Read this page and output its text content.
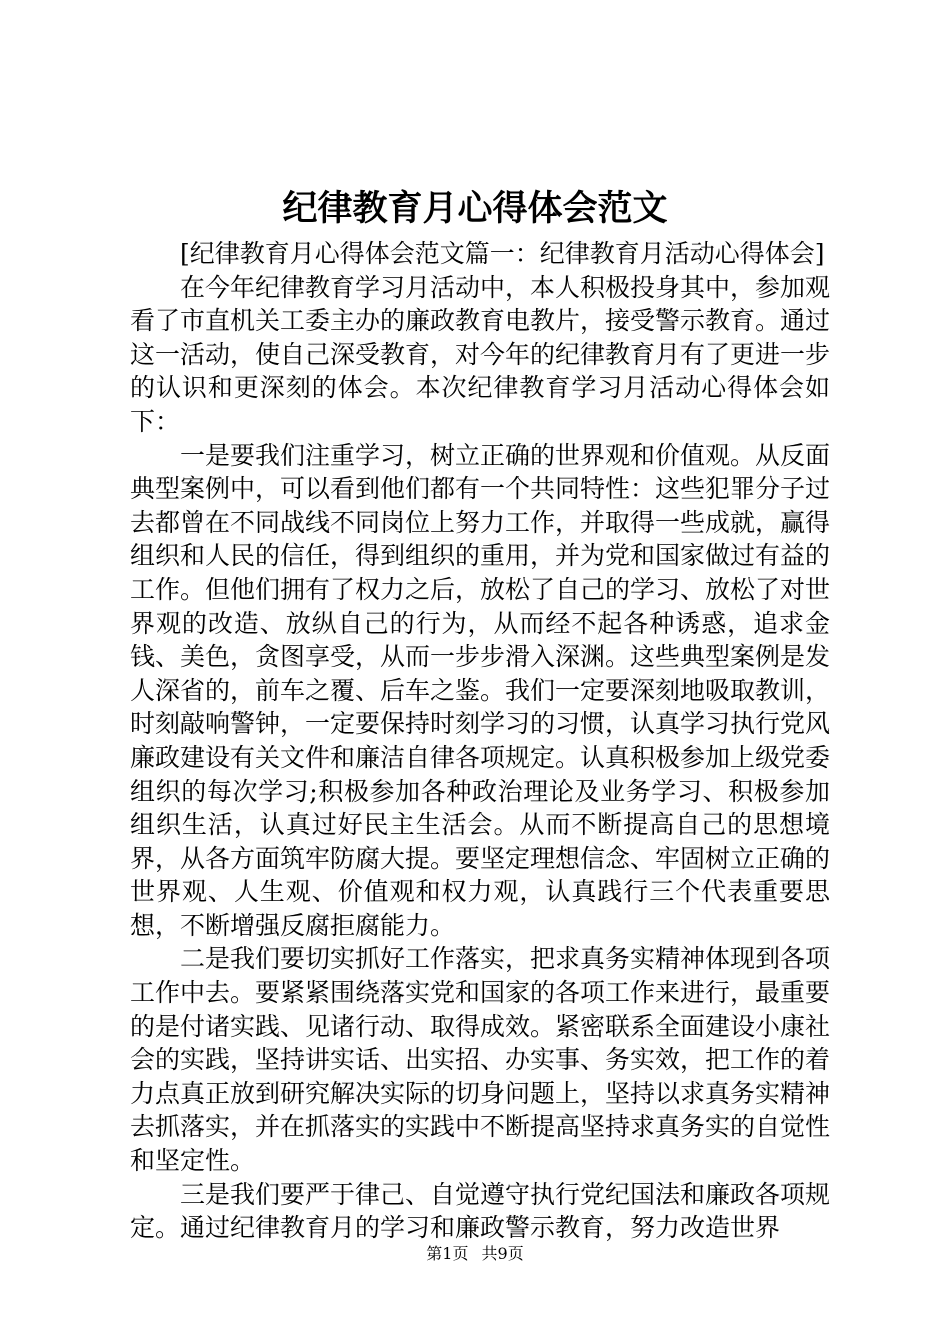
纪律教育月心得体会范文

[纪律教育月心得体会范文篇一：纪律教育月活动心得体会]

在今年纪律教育学习月活动中，本人积极投身其中，参加观看了市直机关工委主办的廉政教育电教片，接受警示教育。通过这一活动，使自己深受教育，对今年的纪律教育月有了更进一步的认识和更深刻的体会。本次纪律教育学习月活动心得体会如下：

一是要我们注重学习，树立正确的世界观和价值观。从反面典型案例中，可以看到他们都有一个共同特性：这些犯罪分子过去都曾在不同战线不同岗位上努力工作，并取得一些成就，赢得组织和人民的信任，得到组织的重用，并为党和国家做过有益的工作。但他们拥有了权力之后，放松了自己的学习、放松了对世界观的改造、放纵自己的行为，从而经不起各种诱惑，追求金钱、美色，贪图享受，从而一步步滑入深渊。这些典型案例是发人深省的，前车之覆、后车之鉴。我们一定要深刻地吸取教训，时刻敲响警钟，一定要保持时刻学习的习惯，认真学习执行党风廉政建设有关文件和廉洁自律各项规定。认真积极参加上级党委组织的每次学习;积极参加各种政治理论及业务学习、积极参加组织生活，认真过好民主生活会。从而不断提高自己的思想境界，从各方面筑牢防腐大提。要坚定理想信念、牢固树立正确的世界观、人生观、价值观和权力观，认真践行三个代表重要思想，不断增强反腐拒腐能力。

二是我们要切实抓好工作落实，把求真务实精神体现到各项工作中去。要紧紧围绕落实党和国家的各项工作来进行，最重要的是付诸实践、见诸行动、取得成效。紧密联系全面建设小康社会的实践，坚持讲实话、出实招、办实事、务实效，把工作的着力点真正放到研究解决实际的切身问题上，坚持以求真务实精神去抓落实，并在抓落实的实践中不断提高坚持求真务实的自觉性和坚定性。

三是我们要严于律己、自觉遵守执行党纪国法和廉政各项规定。通过纪律教育月的学习和廉政警示教育，努力改造世界

第1页 共9页
